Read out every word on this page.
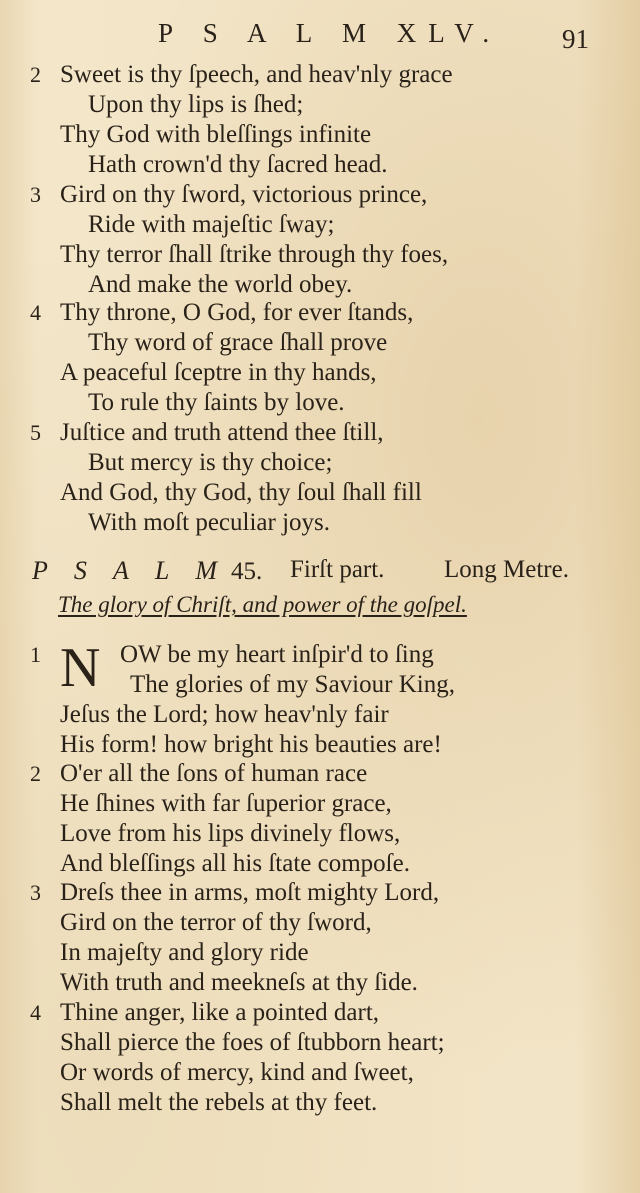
P S A L M XLV. 91
2 Sweet is thy ſpeech, and heav'nly grace
Upon thy lips is ſhed;
Thy God with bleſſings infinite
Hath crown'd thy ſacred head.
3 Gird on thy ſword, victorious prince,
Ride with majeſtic ſway;
Thy terror ſhall ſtrike through thy foes,
And make the world obey.
4 Thy throne, O God, for ever ſtands,
Thy word of grace ſhall prove
A peaceful ſceptre in thy hands,
To rule thy ſaints by love.
5 Juſtice and truth attend thee ſtill,
But mercy is thy choice;
And God, thy God, thy ſoul ſhall fill
With moſt peculiar joys.
P S A L M 45. Firſt part. Long Metre.
The glory of Chriſt, and power of the goſpel.
1 N OW be my heart inſpir'd to ſing
The glories of my Saviour King,
Jeſus the Lord; how heav'nly fair
His form! how bright his beauties are!
2 O'er all the ſons of human race
He ſhines with far ſuperior grace,
Love from his lips divinely flows,
And bleſſings all his ſtate compoſe.
3 Dreſs thee in arms, moſt mighty Lord,
Gird on the terror of thy ſword,
In majeſty and glory ride
With truth and meekneſs at thy ſide.
4 Thine anger, like a pointed dart,
Shall pierce the foes of ſtubborn heart;
Or words of mercy, kind and ſweet,
Shall melt the rebels at thy feet.
